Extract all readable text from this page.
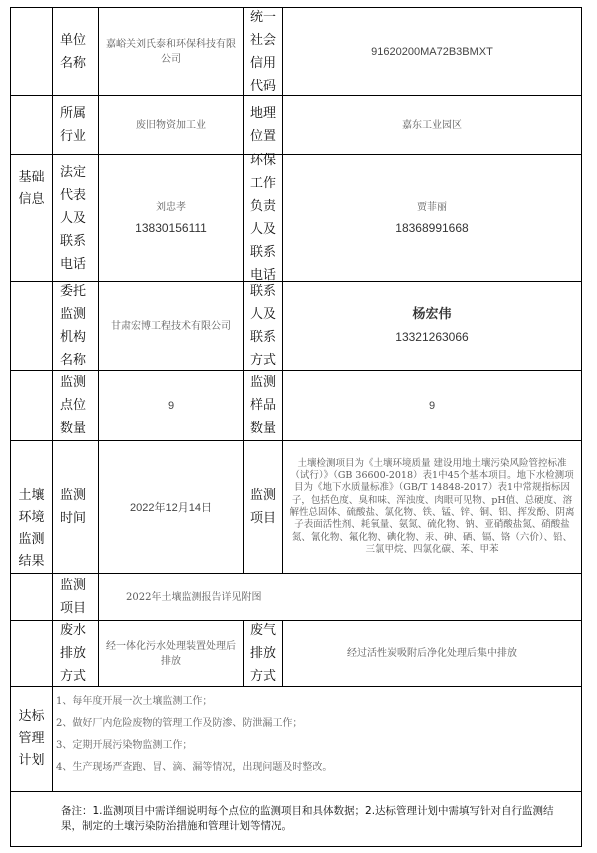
基础信息
单位名称
嘉峪关刘氏泰和环保科技有限公司
统一社会信用代码
91620200MA72B3BMXT
所属行业
废旧物资加工业
地理位置
嘉东工业园区
法定代表人及联系电话
刘忠孝
13830156111
环保工作负责人及联系电话
贾菲丽
18368991668
委托监测机构名称
甘肃宏博工程技术有限公司
联系人及联系方式
杨宏伟
13321263066
土壤环境监测结果
监测点位数量
9
监测样品数量
9
监测时间
2022年12月14日
监测项目
土壤检测项目为《土壤环境质量 建设用地土壤污染风险管控标准（试行）》（GB 36600-2018）表1中45个基本项目。地下水检测项目为《地下水质量标准》（GB/T 14848-2017）表1中常规指标因子，包括色度、臭和味、浑浊度、肉眼可见物、pH值、总硬度、溶解性总固体、硫酸盐、氯化物、铁、锰、锌、铜、铝、挥发酚、阴离子表面活性剂、耗氧量、氨氮、硫化物、钠、亚硝酸盐氮、硝酸盐氮、氰化物、氟化物、碘化物、汞、砷、硒、镉、铬（六价）、铅、三氯甲烷、四氯化碳、苯、甲苯
监测项目
2022年土壤监测报告详见附图
废水排放方式
经一体化污水处理装置处理后排放
废气排放方式
经过活性炭吸附后净化处理后集中排放
达标管理计划
1、每年度开展一次土壤监测工作；
2、做好厂内危险废物的管理工作及防渗、防泄漏工作；
3、定期开展污染物监测工作；
4、生产现场严查跑、冒、滴、漏等情况，出现问题及时整改。
备注：1.监测项目中需详细说明每个点位的监测项目和具体数据；2.达标管理计划中需填写针对自行监测结果，制定的土壤污染防治措施和管理计划等情况。
